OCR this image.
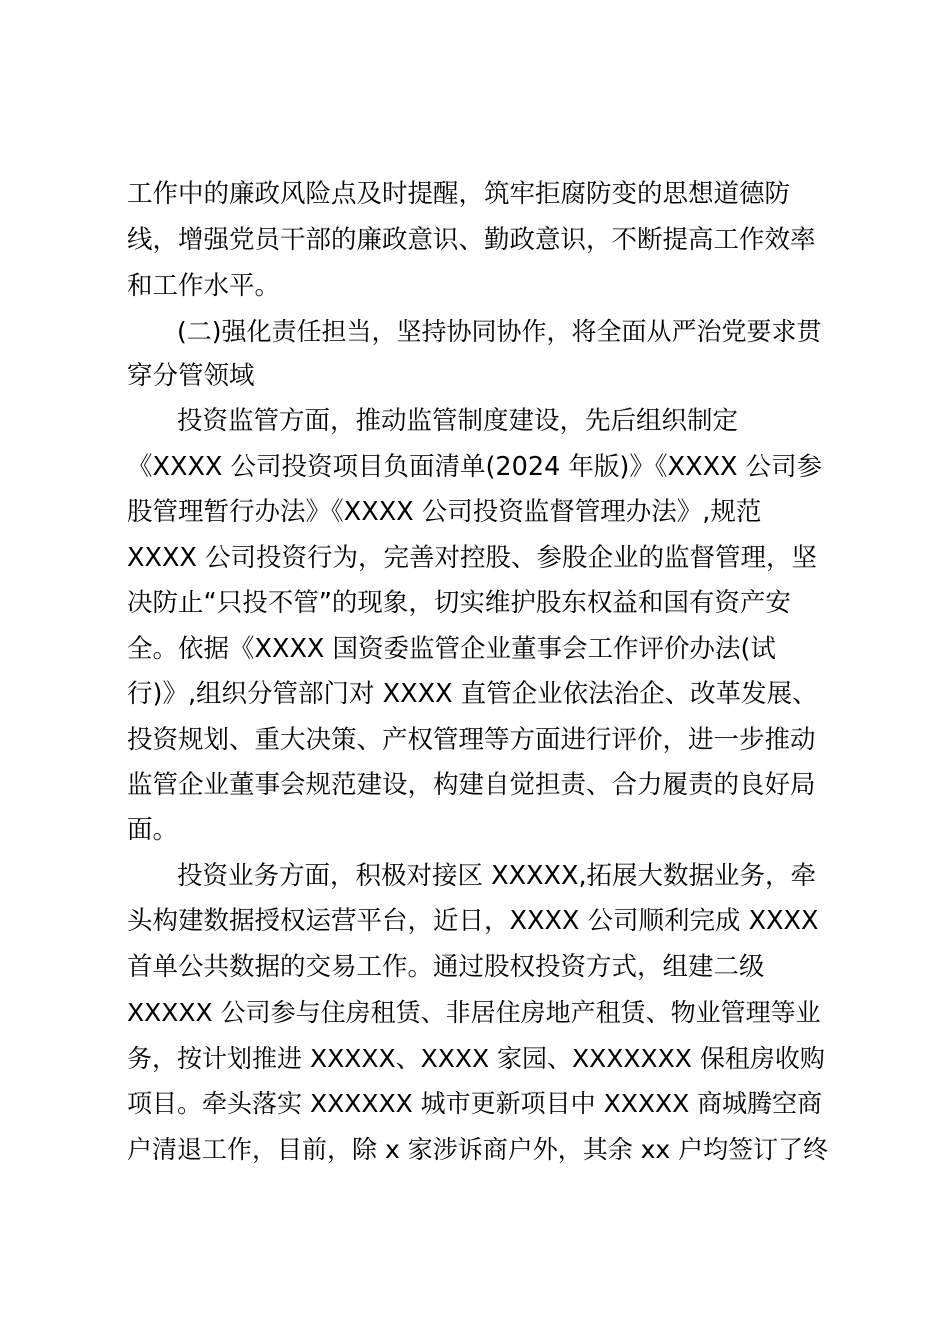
工作中的廉政风险点及时提醒，筑牢拒腐防变的思想道德防
线，增强党员干部的廉政意识、勤政意识，不断提高工作效率
和工作水平。
(二)强化责任担当，坚持协同协作，将全面从严治党要求贯
穿分管领域
投资监管方面，推动监管制度建设，先后组织制定
《XXXX 公司投资项目负面清单(2024 年版)》《XXXX 公司参
股管理暂行办法》《XXXX 公司投资监督管理办法》,规范
XXXX 公司投资行为，完善对控股、参股企业的监督管理，坚
决防止“只投不管”的现象，切实维护股东权益和国有资产安
全。依据《XXXX 国资委监管企业董事会工作评价办法(试
行)》,组织分管部门对 XXXX 直管企业依法治企、改革发展、
投资规划、重大决策、产权管理等方面进行评价，进一步推动
监管企业董事会规范建设，构建自觉担责、合力履责的良好局
面。
投资业务方面，积极对接区 XXXXX,拓展大数据业务，牵
头构建数据授权运营平台，近日，XXXX 公司顺利完成 XXXX
首单公共数据的交易工作。通过股权投资方式，组建二级
XXXXX 公司参与住房租赁、非居住房地产租赁、物业管理等业
务，按计划推进 XXXXX、XXXX 家园、XXXXXXX 保租房收购
项目。牵头落实 XXXXXX 城市更新项目中 XXXXX 商城腾空商
户清退工作，目前，除 x 家涉诉商户外，其余 xx 户均签订了终
